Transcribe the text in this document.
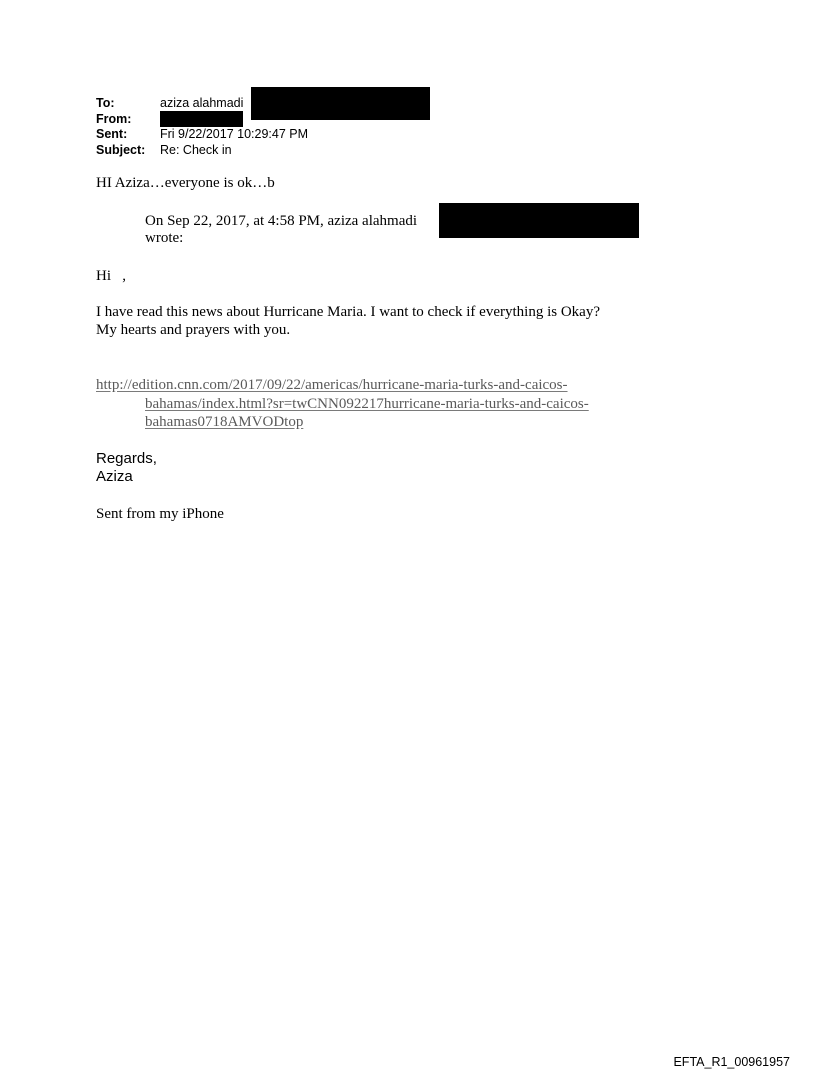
To:	aziza alahmadi
From:
Sent:	Fri 9/22/2017 10:29:47 PM
Subject: Re: Check in
HI Aziza…everyone is ok…b
On Sep 22, 2017, at 4:58 PM, aziza alahmadi
wrote:
Hi   ,
I have read this news about Hurricane Maria. I want to check if everything is Okay?
My hearts and prayers with you.
http://edition.cnn.com/2017/09/22/americas/hurricane-maria-turks-and-caicos-
bahamas/index.html?sr=twCNN092217hurricane-maria-turks-and-caicos-
bahamas0718AMVODtop
Regards,
Aziza
Sent from my iPhone
EFTA_R1_00961957
